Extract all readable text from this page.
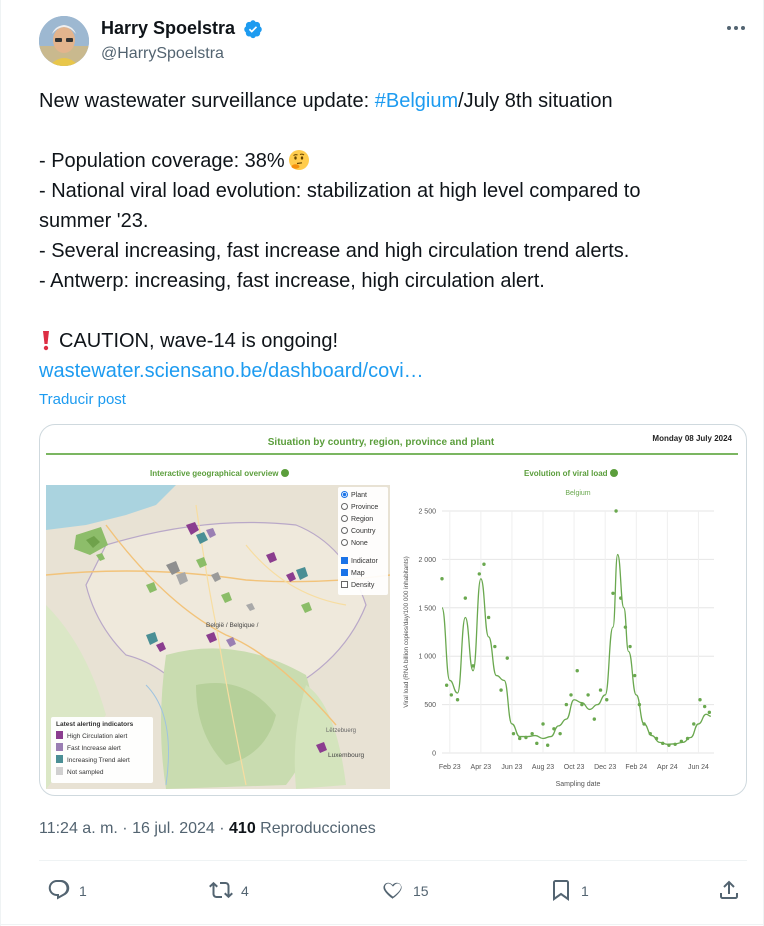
Harry Spoelstra
@HarrySpoelstra
New wastewater surveillance update: #Belgium/July 8th situation
- Population coverage: 38%
- National viral load evolution: stabilization at high level compared to
summer '23.
- Several increasing, fast increase and high circulation trend alerts.
- Antwerp: increasing, fast increase, high circulation alert.
CAUTION, wave-14 is ongoing!
wastewater.sciensano.be/dashboard/covi…
Traducir post
Situation by country, region, province and plant	Monday 08 July 2024
Interactive geographical overview	Evolution of viral load
België / Belgique /
Luxembourg
Lëtzebuerg
Plant
Province
Region
Country
None
Indicator
Map
Density
Latest alerting indicators
High Circulation alert
Fast Increase alert
Increasing Trend alert
Not sampled
Belgium
0
500
1 000
1 500
2 000
2 500
Feb 23 Apr 23 Jun 23 Aug 23 Oct 23 Dec 23 Feb 24 Apr 24 Jun 24
Sampling date
Viral load (RNA billion copies/day/100 000 inhabitants)
11:24 a. m. · 16 jul. 2024 · 410 Reproducciones
1	4	15	1
